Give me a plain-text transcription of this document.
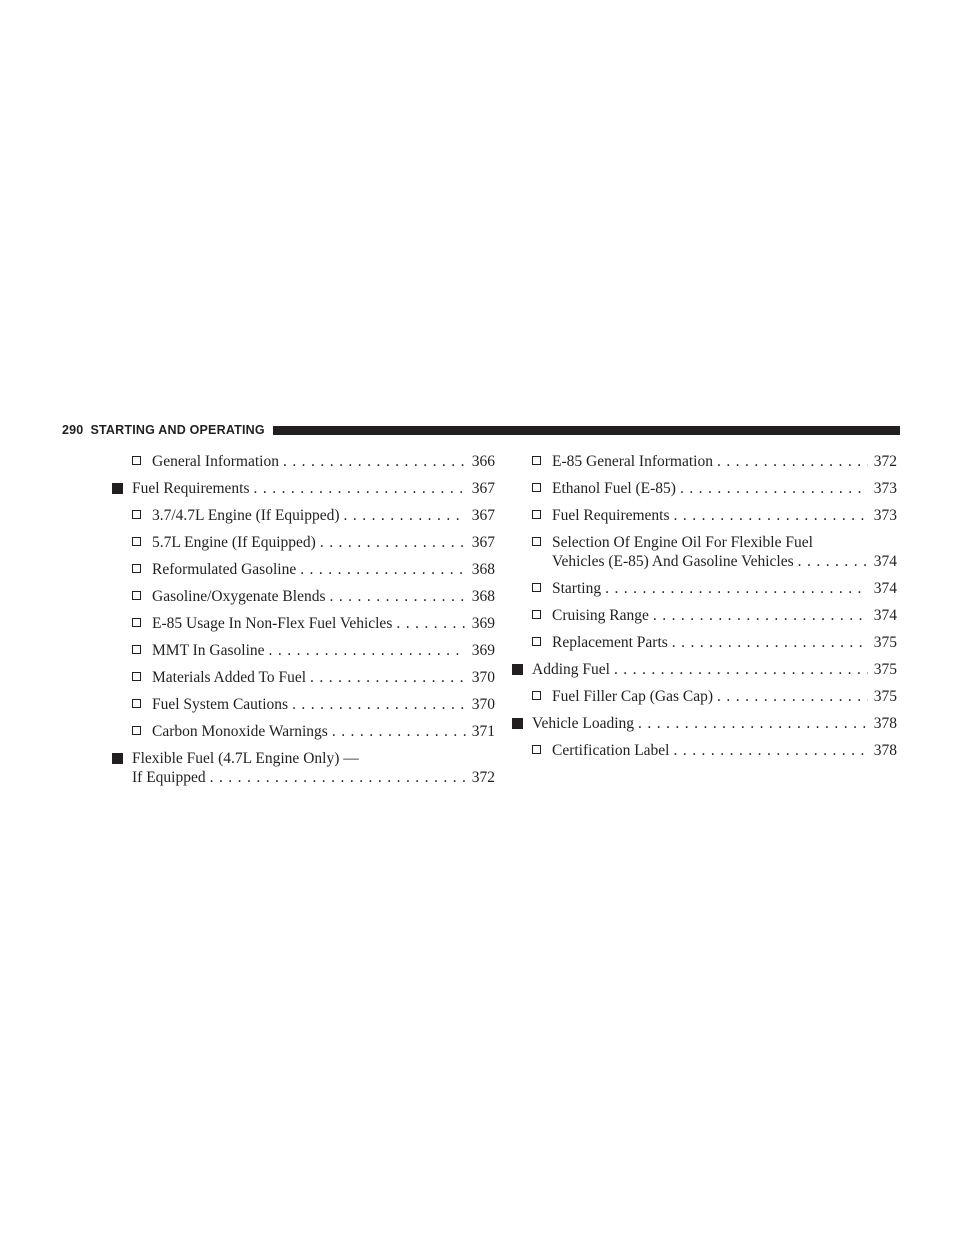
290 STARTING AND OPERATING
General Information . . .	366
Fuel Requirements . . .	367
3.7/4.7L Engine (If Equipped) . . .	367
5.7L Engine (If Equipped) . . .	367
Reformulated Gasoline . . .	368
Gasoline/Oxygenate Blends . . .	368
E-85 Usage In Non-Flex Fuel Vehicles . . .	369
MMT In Gasoline . . .	369
Materials Added To Fuel . . .	370
Fuel System Cautions . . .	370
Carbon Monoxide Warnings . . .	371
Flexible Fuel (4.7L Engine Only) —
If Equipped . . .	372
E-85 General Information . . .	372
Ethanol Fuel (E-85) . . .	373
Fuel Requirements . . .	373
Selection Of Engine Oil For Flexible Fuel
Vehicles (E-85) And Gasoline Vehicles . . .	374
Starting . . .	374
Cruising Range . . .	374
Replacement Parts . . .	375
Adding Fuel . . .	375
Fuel Filler Cap (Gas Cap) . . .	375
Vehicle Loading . . .	378
Certification Label . . .	378
